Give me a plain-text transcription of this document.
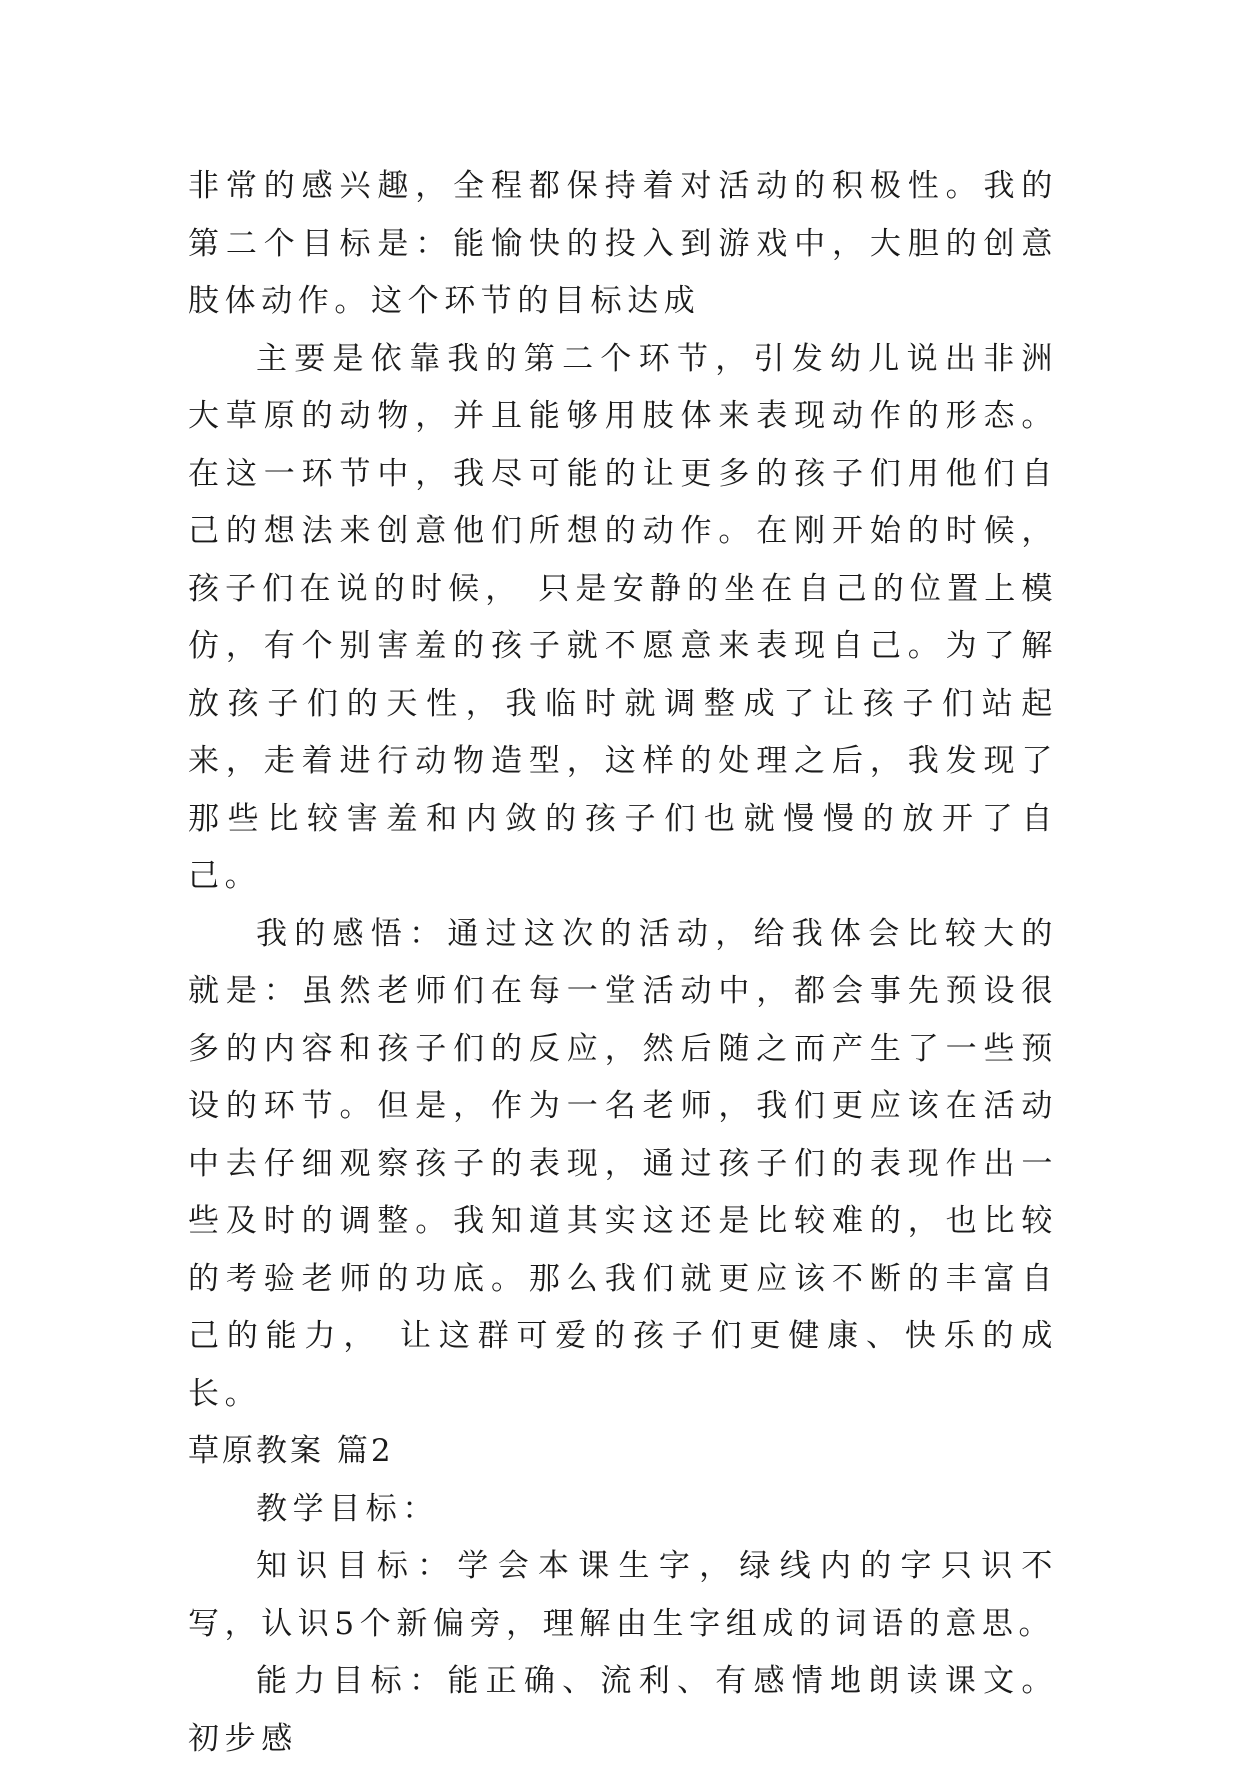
非常的感兴趣，全程都保持着对活动的积极性。我的第二个目标是：能愉快的投入到游戏中，大胆的创意肢体动作。这个环节的目标达成

主要是依靠我的第二个环节，引发幼儿说出非洲大草原的动物，并且能够用肢体来表现动作的形态。在这一环节中，我尽可能的让更多的孩子们用他们自己的想法来创意他们所想的动作。在刚开始的时候，孩子们在说的时候， 只是安静的坐在自己的位置上模仿，有个别害羞的孩子就不愿意来表现自己。为了解放孩子们的天性，我临时就调整成了让孩子们站起来，走着进行动物造型，这样的处理之后，我发现了那些比较害羞和内敛的孩子们也就慢慢的放开了自己。

我的感悟：通过这次的活动，给我体会比较大的就是：虽然老师们在每一堂活动中，都会事先预设很多的内容和孩子们的反应，然后随之而产生了一些预设的环节。但是，作为一名老师，我们更应该在活动中去仔细观察孩子的表现，通过孩子们的表现作出一些及时的调整。我知道其实这还是比较难的，也比较的考验老师的功底。那么我们就更应该不断的丰富自己的能力， 让这群可爱的孩子们更健康、快乐的成长。

草原教案 篇2

教学目标：

知识目标：学会本课生字，绿线内的字只识不写，认识5个新偏旁，理解由生字组成的词语的意思。

能力目标：能正确、流利、有感情地朗读课文。初步感
